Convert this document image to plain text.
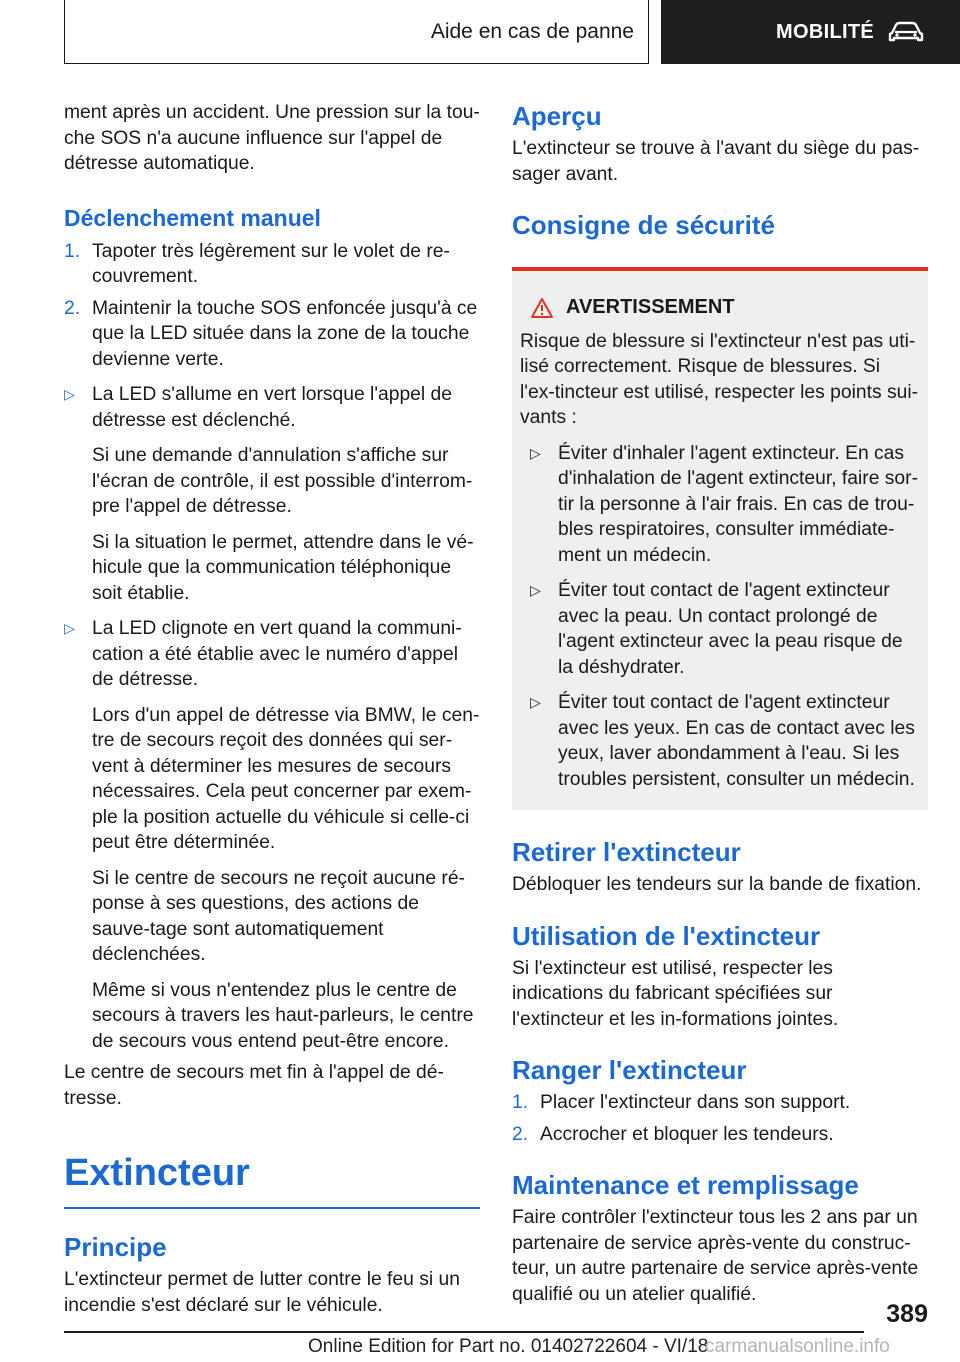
Aide en cas de panne	MOBILITÉ

ment après un accident. Une pression sur la tou-che SOS n'a aucune influence sur l'appel de détresse automatique.

Déclenchement manuel
1. Tapoter très légèrement sur le volet de re-couvrement.
2. Maintenir la touche SOS enfoncée jusqu'à ce que la LED située dans la zone de la touche devienne verte.
▷ La LED s'allume en vert lorsque l'appel de détresse est déclenché.

Si une demande d'annulation s'affiche sur l'écran de contrôle, il est possible d'interrom-pre l'appel de détresse.

Si la situation le permet, attendre dans le vé-hicule que la communication téléphonique soit établie.

▷ La LED clignote en vert quand la communi-cation a été établie avec le numéro d'appel de détresse.

Lors d'un appel de détresse via BMW, le cen-tre de secours reçoit des données qui ser-vent à déterminer les mesures de secours nécessaires. Cela peut concerner par exem-ple la position actuelle du véhicule si celle-ci peut être déterminée.

Si le centre de secours ne reçoit aucune ré-ponse à ses questions, des actions de sauve-tage sont automatiquement déclenchées.

Même si vous n'entendez plus le centre de secours à travers les haut-parleurs, le centre de secours vous entend peut-être encore.

Le centre de secours met fin à l'appel de dé-tresse.

Extincteur
Principe

L'extincteur permet de lutter contre le feu si un incendie s'est déclaré sur le véhicule.

Aperçu

L'extincteur se trouve à l'avant du siège du pas-sager avant.

Consigne de sécurité
AVERTISSEMENT

Risque de blessure si l'extincteur n'est pas uti-lisé correctement. Risque de blessures. Si l'ex-tincteur est utilisé, respecter les points sui-vants :

▷ Éviter d'inhaler l'agent extincteur. En cas d'inhalation de l'agent extincteur, faire sor-tir la personne à l'air frais. En cas de trou-bles respiratoires, consulter immédiate-ment un médecin.
▷ Éviter tout contact de l'agent extincteur avec la peau. Un contact prolongé de l'agent extincteur avec la peau risque de la déshydrater.
▷ Éviter tout contact de l'agent extincteur avec les yeux. En cas de contact avec les yeux, laver abondamment à l'eau. Si les troubles persistent, consulter un médecin.
Retirer l'extincteur

Débloquer les tendeurs sur la bande de fixation.

Utilisation de l'extincteur

Si l'extincteur est utilisé, respecter les indications du fabricant spécifiées sur l'extincteur et les in-formations jointes.

Ranger l'extincteur
1. Placer l'extincteur dans son support.
2. Accrocher et bloquer les tendeurs.
Maintenance et remplissage

Faire contrôler l'extincteur tous les 2 ans par un partenaire de service après-vente du construc-teur, un autre partenaire de service après-vente qualifié ou un atelier qualifié.

389
Online Edition for Part no. 01402722604 - VI/18
carmanualsonline.info
